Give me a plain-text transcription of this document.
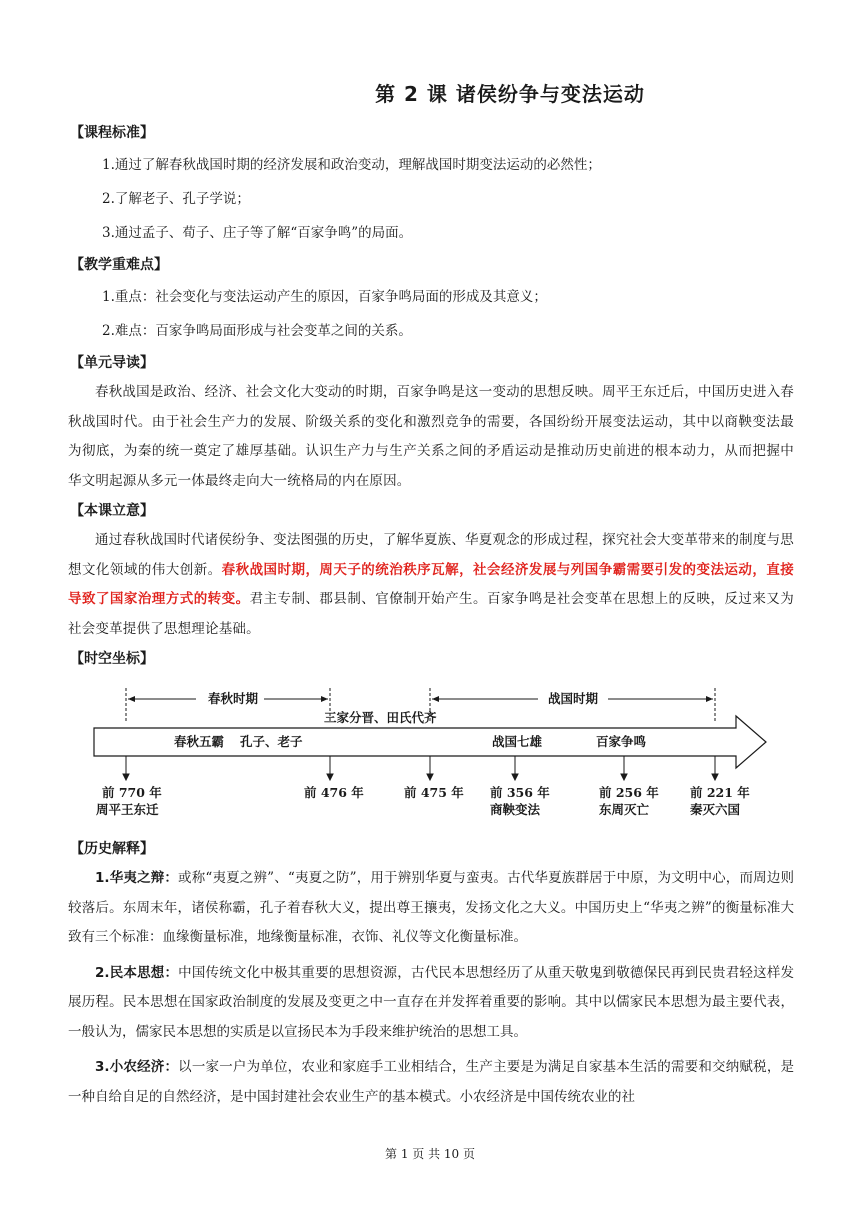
第 2 课 诸侯纷争与变法运动
【课程标准】
1.通过了解春秋战国时期的经济发展和政治变动，理解战国时期变法运动的必然性；
2.了解老子、孔子学说；
3.通过孟子、荀子、庄子等了解“百家争鸣”的局面。
【教学重难点】
1.重点：社会变化与变法运动产生的原因，百家争鸣局面的形成及其意义；
2.难点：百家争鸣局面形成与社会变革之间的关系。
【单元导读】

春秋战国是政治、经济、社会文化大变动的时期，百家争鸣是这一变动的思想反映。周平王东迁后，中国历史进入春秋战国时代。由于社会生产力的发展、阶级关系的变化和激烈竞争的需要，各国纷纷开展变法运动，其中以商鞅变法最为彻底，为秦的统一奠定了雄厚基础。认识生产力与生产关系之间的矛盾运动是推动历史前进的根本动力，从而把握中华文明起源从多元一体最终走向大一统格局的内在原因。

【本课立意】

通过春秋战国时代诸侯纷争、变法图强的历史，了解华夏族、华夏观念的形成过程，探究社会大变革带来的制度与思想文化领域的伟大创新。春秋战国时期，周天子的统治秩序瓦解，社会经济发展与列国争霸需要引发的变法运动，直接导致了国家治理方式的转变。君主专制、郡县制、官僚制开始产生。百家争鸣是社会变革在思想上的反映，反过来又为社会变革提供了思想理论基础。

【时空坐标】
春秋时期	战国时期
三家分晋、田氏代齐
春秋五霸 孔子、老子	战国七雄	百家争鸣
前 770 年
周平王东迁
前 476 年	前 475 年 前 356 年
商鞅变法
前 256 年
东周灭亡
前 221 年
秦灭六国
【历史解释】

1.华夷之辩：或称“夷夏之辨”、“夷夏之防”，用于辨别华夏与蛮夷。古代华夏族群居于中原，为文明中心，而周边则较落后。东周末年，诸侯称霸，孔子着春秋大义，提出尊王攘夷，发扬文化之大义。中国历史上“华夷之辨”的衡量标准大致有三个标准：血缘衡量标准，地缘衡量标准，衣饰、礼仪等文化衡量标准。

2.民本思想：中国传统文化中极其重要的思想资源，古代民本思想经历了从重天敬鬼到敬德保民再到民贵君轻这样发展历程。民本思想在国家政治制度的发展及变更之中一直存在并发挥着重要的影响。其中以儒家民本思想为最主要代表，一般认为，儒家民本思想的实质是以宣扬民本为手段来维护统治的思想工具。

3.小农经济：以一家一户为单位，农业和家庭手工业相结合，生产主要是为满足自家基本生活的需要和交纳赋税，是一种自给自足的自然经济，是中国封建社会农业生产的基本模式。小农经济是中国传统农业的社

第 1 页 共 10 页
